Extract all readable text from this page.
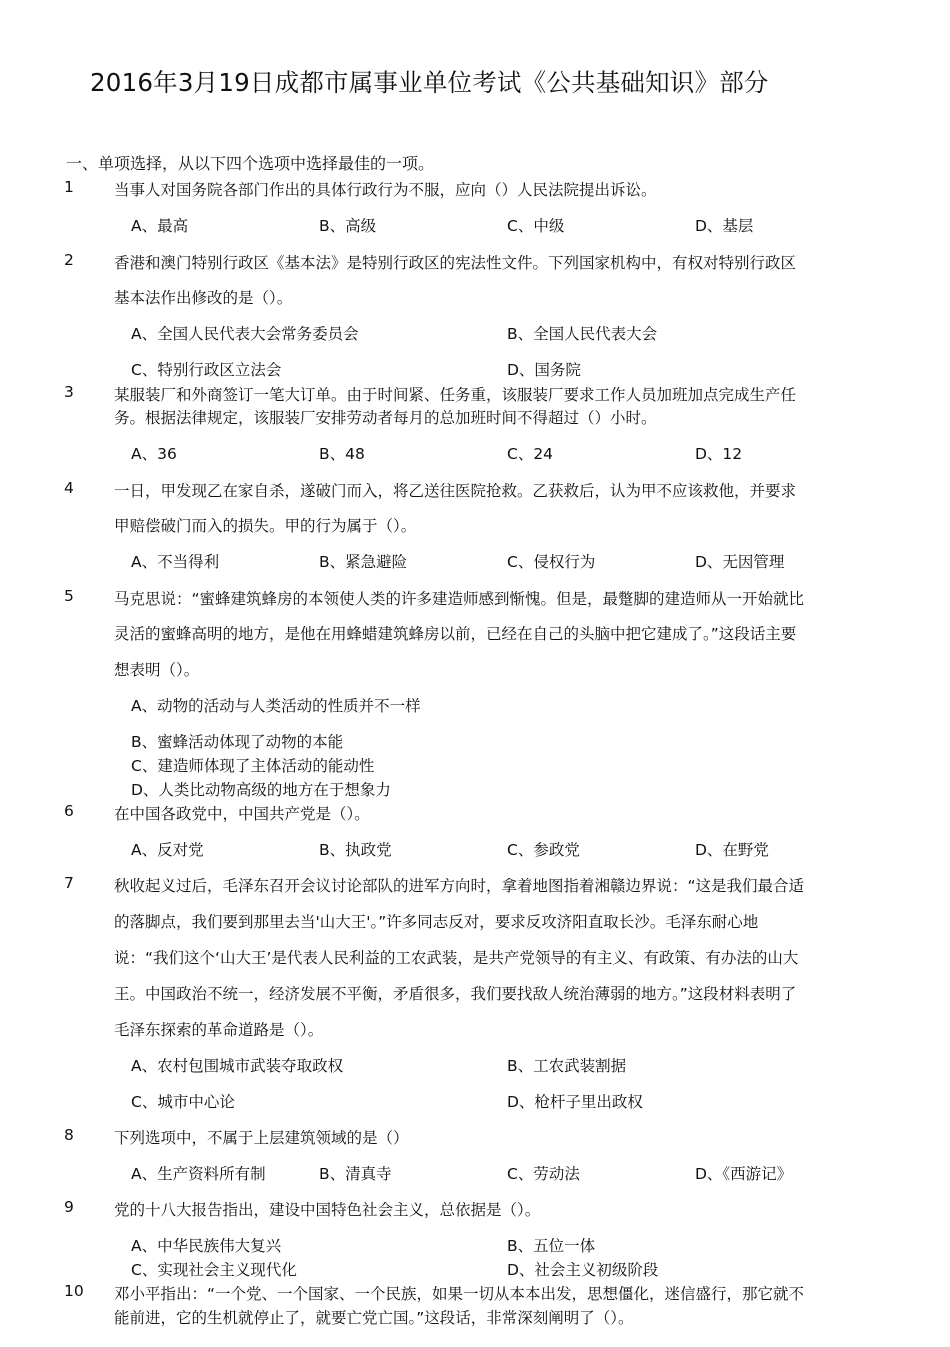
2016年3月19日成都市属事业单位考试《公共基础知识》部分
一、单项选择，从以下四个选项中选择最佳的一项。
1	当事人对国务院各部门作出的具体行政行为不服，应向（）人民法院提出诉讼。
A、最高	B、高级	C、中级	D、基层
2	香港和澳门特别行政区《基本法》是特别行政区的宪法性文件。下列国家机构中，有权对特别行政区
基本法作出修改的是（）。
A、全国人民代表大会常务委员会	B、全国人民代表大会
C、特别行政区立法会	D、国务院
3	某服装厂和外商签订一笔大订单。由于时间紧、任务重，该服装厂要求工作人员加班加点完成生产任
务。根据法律规定，该服装厂安排劳动者每月的总加班时间不得超过（）小时。
A、36	B、48	C、24	D、12
4	一日，甲发现乙在家自杀，遂破门而入，将乙送往医院抢救。乙获救后，认为甲不应该救他，并要求
甲赔偿破门而入的损失。甲的行为属于（）。
A、不当得利	B、紧急避险	C、侵权行为	D、无因管理
5	马克思说：“蜜蜂建筑蜂房的本领使人类的许多建造师感到惭愧。但是，最蹩脚的建造师从一开始就比
灵活的蜜蜂高明的地方，是他在用蜂蜡建筑蜂房以前，已经在自己的头脑中把它建成了。”这段话主要
想表明（）。
A、动物的活动与人类活动的性质并不一样
B、蜜蜂活动体现了动物的本能
C、建造师体现了主体活动的能动性
D、人类比动物高级的地方在于想象力
6	在中国各政党中，中国共产党是（）。
A、反对党	B、执政党	C、参政党	D、在野党
7	秋收起义过后，毛泽东召开会议讨论部队的进军方向时，拿着地图指着湘赣边界说：“这是我们最合适
的落脚点，我们要到那里去当'山大王'。”许多同志反对，要求反攻济阳直取长沙。毛泽东耐心地
说：“我们这个‘山大王’是代表人民利益的工农武装，是共产党领导的有主义、有政策、有办法的山大
王。中国政治不统一，经济发展不平衡，矛盾很多，我们要找敌人统治薄弱的地方。”这段材料表明了
毛泽东探索的革命道路是（）。
A、农村包围城市武装夺取政权	B、工农武装割据
C、城市中心论	D、枪杆子里出政权
8	下列选项中，不属于上层建筑领域的是（）
A、生产资料所有制	B、清真寺	C、劳动法	D、《西游记》
9	党的十八大报告指出，建设中国特色社会主义，总依据是（）。
A、中华民族伟大复兴	B、五位一体
C、实现社会主义现代化	D、社会主义初级阶段
10 邓小平指出：“一个党、一个国家、一个民族，如果一切从本本出发，思想僵化，迷信盛行，那它就不
能前进，它的生机就停止了，就要亡党亡国。”这段话，非常深刻阐明了（）。
